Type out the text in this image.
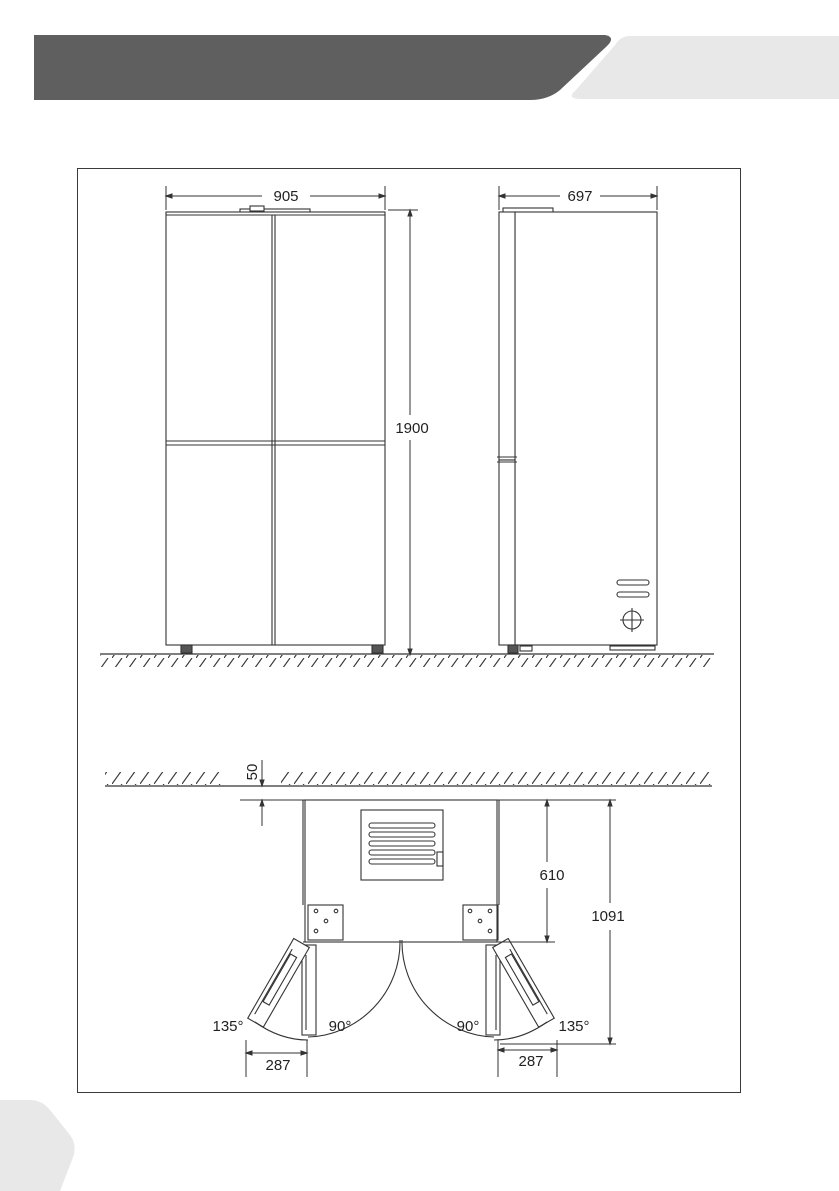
905
1900
697
50
610
1091
135°	90°	90°	135°
287	287
